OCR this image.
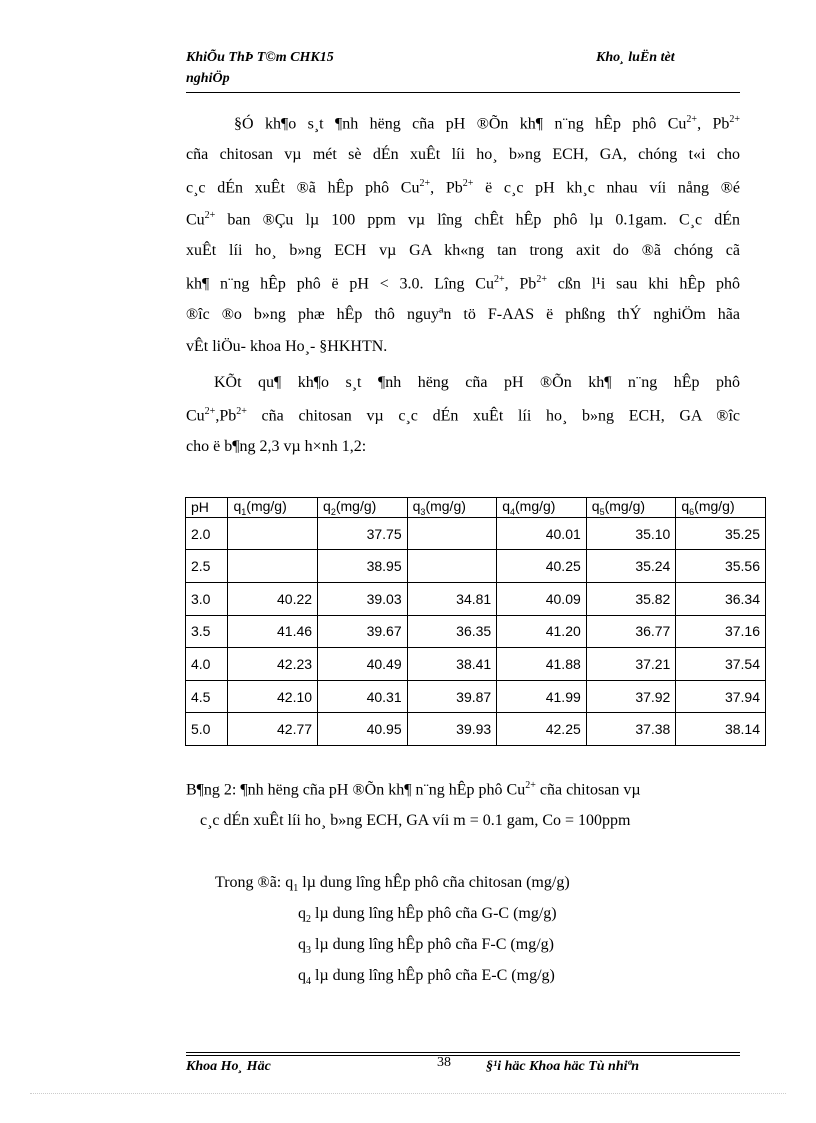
KhiÕu ThÞ T©m CHK15
nghiÖp
Kho¸ luËn tèt
§Ó kh¶o s¸t ¶nh hëng cña pH ®Õn kh¶ n¨ng hÊp phô $Cu^{2+}$, $Pb^{2+}$
cña chitosan vµ mét sè dÉn xuÊt líi ho¸ b»ng ECH, GA, chóng t«i cho
c¸c dÉn xuÊt ®ã hÊp phô $Cu^{2+}$, $Pb^{2+}$ ë c¸c pH kh¸c nhau víi nång ®é
$Cu^{2+}$ ban ®Çu lµ 100 ppm vµ lîng chÊt hÊp phô lµ 0.1gam. C¸c dÉn
xuÊt líi ho¸ b»ng ECH vµ GA kh«ng tan trong axit do ®ã chóng cã
kh¶ n¨ng hÊp phô ë pH < 3.0. Lîng $Cu^{2+}$, $Pb^{2+}$ cßn l¹i sau khi hÊp phô
®îc ®o b»ng phæ hÊp thô nguyªn tö F-AAS ë phßng thÝ nghiÖm hãa
vÊt liÖu- khoa Ho¸- §HKHTN.
KÕt qu¶ kh¶o s¸t ¶nh hëng cña pH ®Õn kh¶ n¨ng hÊp phô
$Cu^{2+},Pb^{2+}$ cña chitosan vµ c¸c dÉn xuÊt líi ho¸ b»ng ECH, GA ®îc
cho ë b¶ng 2,3 vµ h×nh 1,2:
pH	$q_1(mg/g)$	$q_2(mg/g)$	$q_3(mg/g)$	$q_4(mg/g)$	$q_5(mg/g)$	$q_6(mg/g)$
2.0		37.75		40.01	35.10	35.25
2.5		38.95		40.25	35.24	35.56
3.0	40.22	39.03	34.81	40.09	35.82	36.34
3.5	41.46	39.67	36.35	41.20	36.77	37.16
4.0	42.23	40.49	38.41	41.88	37.21	37.54
4.5	42.10	40.31	39.87	41.99	37.92	37.94
5.0	42.77	40.95	39.93	42.25	37.38	38.14
B¶ng 2: ¶nh hëng cña pH ®Õn kh¶ n¨ng hÊp phô $Cu^{2+}$ cña chitosan vµ
c¸c dÉn xuÊt líi ho¸ b»ng ECH, GA víi m = 0.1 gam, Co = 100ppm
Trong ®ã: $q_1$ lµ dung lîng hÊp phô cña chitosan (mg/g)
$q_2$ lµ dung lîng hÊp phô cña G-C (mg/g)
$q_3$ lµ dung lîng hÊp phô cña F-C (mg/g)
$q_4$ lµ dung lîng hÊp phô cña E-C (mg/g)
Khoa Ho¸ Häc	38	§¹i häc Khoa häc Tù nhiªn
